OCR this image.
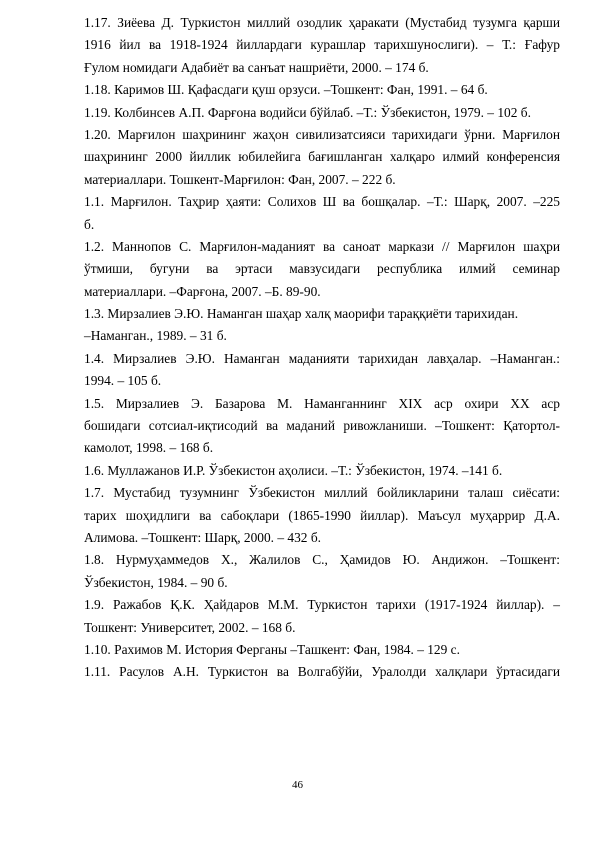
1.17. Зиёева Д. Туркистон миллий озодлик ҳаракати (Мустабид тузумга қарши
1916 йил ва 1918-1924 йиллардаги курашлар тарихшунослиги). – Т.: Ғафур
Ғулом номидаги Адабиёт ва санъат нашриёти, 2000. – 174 б.
1.18. Каримов Ш. Қафасдаги қуш орзуси. –Тошкент: Фан, 1991. – 64 б.
1.19. Колбинсев А.П. Фарғона водийси бўйлаб. –Т.: Ўзбекистон, 1979. – 102 б.
1.20. Марғилон шаҳрининг жаҳон сивилизатсияси тарихидаги ўрни. Марғилон
шаҳрининг 2000 йиллик юбилейига бағишланган халқаро илмий конференсия
материаллари. Тошкент-Марғилон: Фан, 2007. – 222 б.
1.1. Марғилон. Таҳрир ҳаяти: Солихов Ш ва бошқалар. –Т.: Шарқ, 2007. –225
б.
1.2. Маннопов С. Марғилон-маданият ва саноат маркази // Марғилон шаҳри
ўтмиши, бугуни ва эртаси мавзусидаги республика илмий семинар
материаллари. –Фарғона, 2007. –Б. 89-90.
1.3. Мирзалиев Э.Ю. Наманган шаҳар халқ маорифи тараққиёти тарихидан.
–Наманган., 1989. – 31 б.
1.4. Мирзалиев Э.Ю. Наманган маданияти тарихидан лавҳалар. –Наманган.:
1994. – 105 б.
1.5. Мирзалиев Э. Базарова М. Наманганнинг XIX аср охири XX аср
бошидаги сотсиал-иқтисодий ва маданий ривожланиши. –Тошкент: Қатортол-
камолот, 1998. – 168 б.
1.6. Муллажанов И.Р. Ўзбекистон аҳолиси. –Т.: Ўзбекистон, 1974. –141 б.
1.7. Мустабид тузумнинг Ўзбекистон миллий бойликларини талаш сиёсати:
тарих шоҳидлиги ва сабоқлари (1865-1990 йиллар). Маъсул муҳаррир Д.А.
Алимова. –Тошкент: Шарқ, 2000. – 432 б.
1.8. Нурмуҳаммедов Х., Жалилов С., Ҳамидов Ю. Андижон. –Тошкент:
Ўзбекистон, 1984. – 90 б.
1.9. Ражабов Қ.К. Ҳайдаров М.М. Туркистон тарихи (1917-1924 йиллар). –
Тошкент: Университет, 2002. – 168 б.
1.10. Рахимов М. История Ферганы –Ташкент: Фан, 1984. – 129 с.
1.11. Расулов А.Н. Туркистон ва Волгабўйи, Уралолди халқлари ўртасидаги
46
